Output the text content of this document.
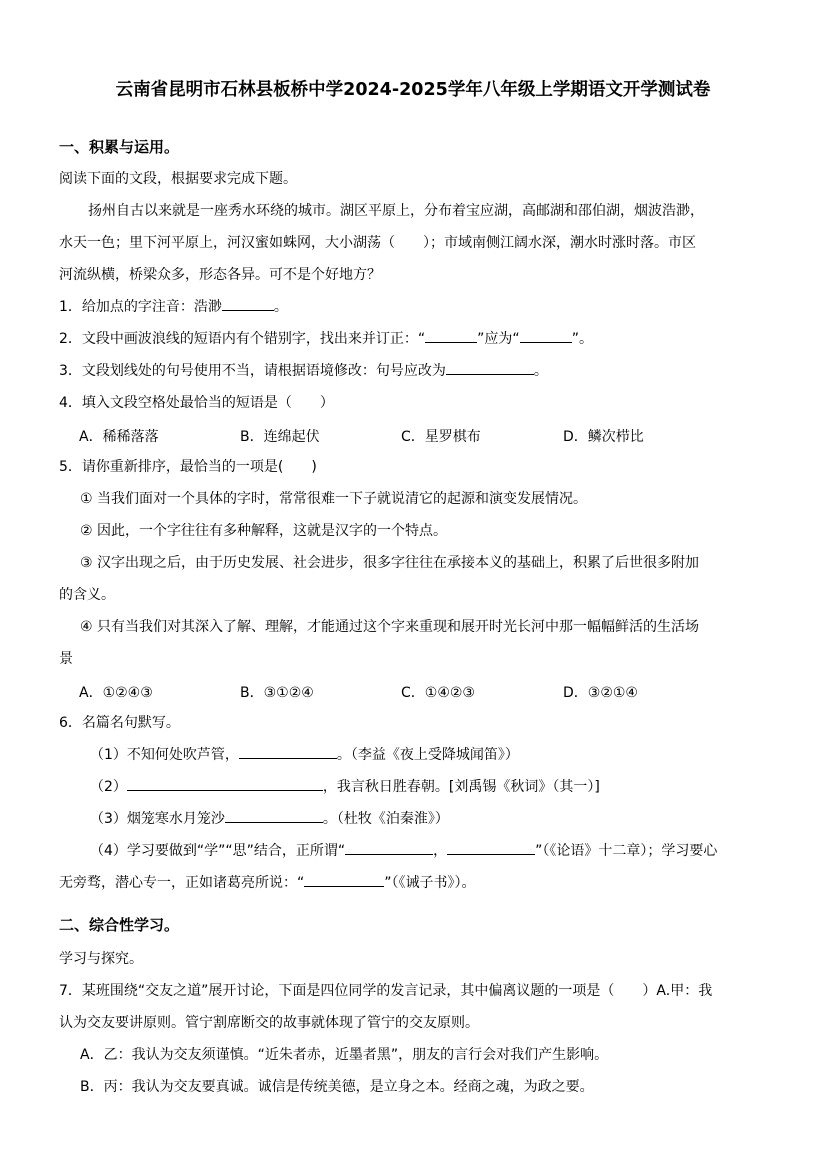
云南省昆明市石林县板桥中学2024-2025学年八年级上学期语文开学测试卷
一、积累与运用。
阅读下面的文段，根据要求完成下题。
扬州自古以来就是一座秀水环绕的城市。湖区平原上，分布着宝应湖，高邮湖和邵伯湖，烟波浩渺，
水天一色；里下河平原上，河汉蜜如蛛网，大小湖荡（　　）；市域南侧江阔水深，潮水时涨时落。市区
河流纵横，桥梁众多，形态各异。可不是个好地方？
1．给加点的字注音：浩渺	。
2．文段中画波浪线的短语内有个错别字，找出来并订正：“	”应为“	”。
3．文段划线处的句号使用不当，请根据语境修改：句号应改为	。
4．填入文段空格处最恰当的短语是（　　）
A．稀稀落落	B．连绵起伏	C．星罗棋布	D．鳞次栉比
5．请你重新排序，最恰当的一项是(　　)
① 当我们面对一个具体的字时，常常很难一下子就说清它的起源和演变发展情况。
② 因此，一个字往往有多种解释，这就是汉字的一个特点。
③ 汉字出现之后，由于历史发展、社会进步，很多字往往在承接本义的基础上，积累了后世很多附加
的含义。
④ 只有当我们对其深入了解、理解，才能通过这个字来重现和展开时光长河中那一幅幅鲜活的生活场
景
A．①②④③	B．③①②④	C．①④②③	D．③②①④
6．名篇名句默写。
（1）不知何处吹芦管，	。（李益《夜上受降城闻笛》）
（2）	，我言秋日胜春朝。[刘禹锡《秋词》（其一）]
（3）烟笼寒水月笼沙	。（杜牧《泊秦淮》）
（4）学习要做到“学”“思”结合，正所谓“	，	”（《论语》十二章）；学习要心
无旁骛，潜心专一，正如诸葛亮所说：“	”（《诫子书》）。
二、综合性学习。
学习与探究。
7．某班围绕“交友之道”展开讨论，下面是四位同学的发言记录，其中偏离议题的一项是（　　）A.甲：我
认为交友要讲原则。管宁割席断交的故事就体现了管宁的交友原则。
A．乙：我认为交友须谨慎。“近朱者赤，近墨者黑”，朋友的言行会对我们产生影响。
B．丙：我认为交友要真诚。诚信是传统美德，是立身之本。经商之魂，为政之要。
